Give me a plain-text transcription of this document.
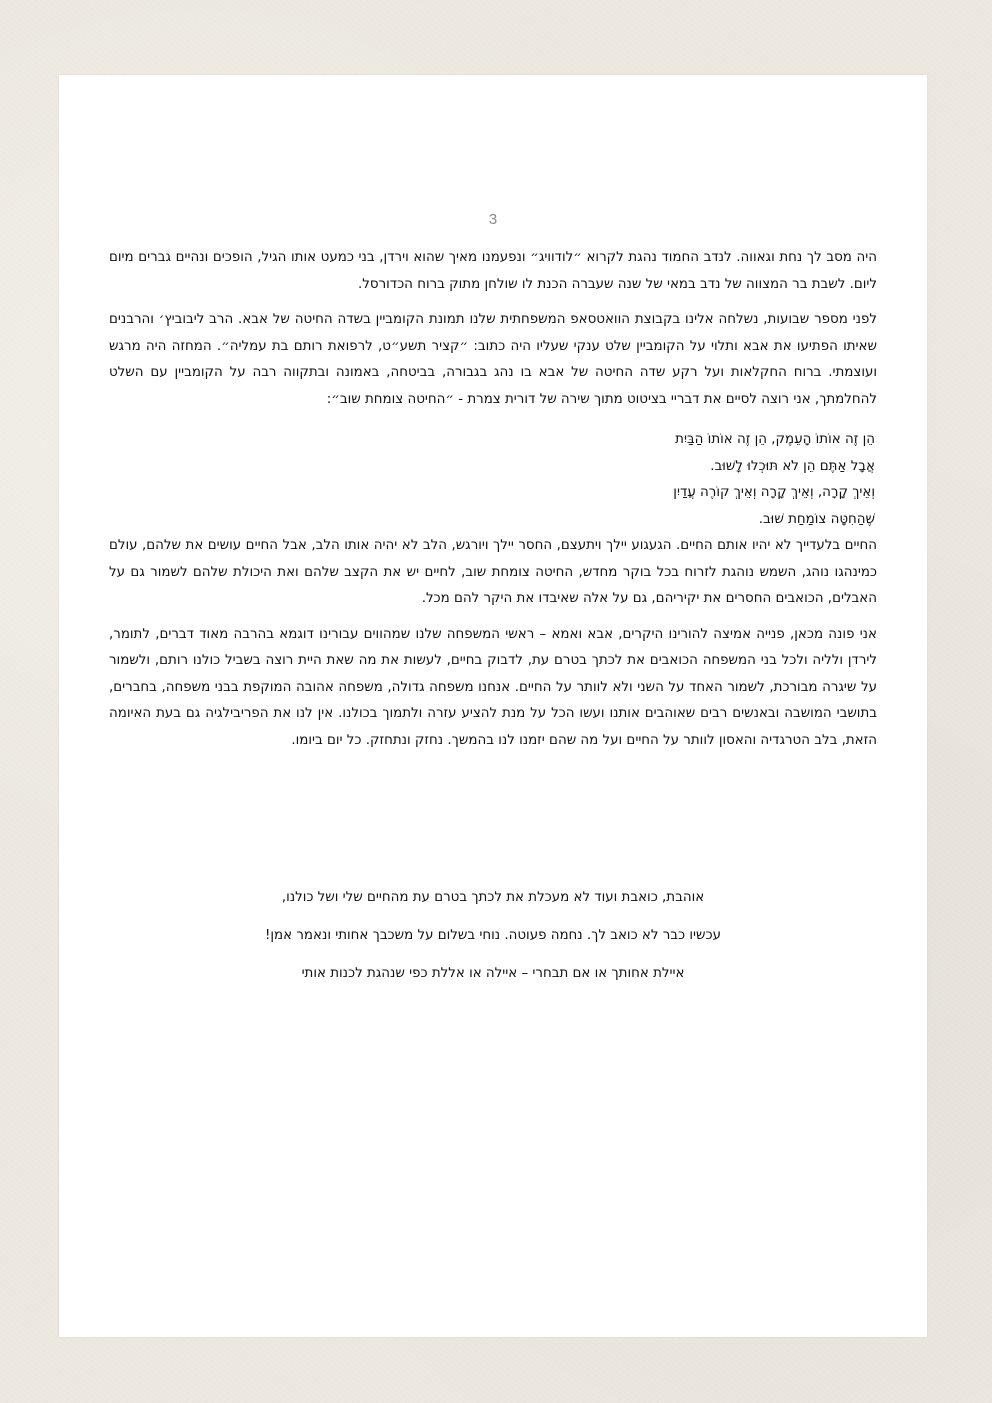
3

היה מסב לך נחת וגאווה. לנדב החמוד נהגת לקרוא ״לודוויג״ ונפעמנו מאיך שהוא וירדן, בני כמעט אותו הגיל, הופכים ונהיים גברים מיום ליום. לשבת בר המצווה של נדב במאי של שנה שעברה הכנת לו שולחן מתוק ברוח הכדורסל.

לפני מספר שבועות, נשלחה אלינו בקבוצת הוואטסאפ המשפחתית שלנו תמונת הקומביין בשדה החיטה של אבא. הרב ליבוביץ׳ והרבנים שאיתו הפתיעו את אבא ותלוי על הקומביין שלט ענקי שעליו היה כתוב: ״קציר תשע״ט, לרפואת רותם בת עמליה״. המחזה היה מרגש ועוצמתי. ברוח החקלאות ועל רקע שדה החיטה של אבא בו נהג בגבורה, בביטחה, באמונה ובתקווה רבה על הקומביין עם השלט להחלמתך, אני רוצה לסיים את דבריי בציטוט מתוך שירה של דורית צמרת - ״החיטה צומחת שוב״:

הֵן זֶה אוֹתוֹ הָעֵמֶק, הֵן זֶה אוֹתוֹ הַבַּיִת
אֲבָל אַתֶּם הֵן לֹא תּוּכְלוּ לָשׁוּב.
וְאֵיךְ קָרָה, וְאֵיךְ קָרָה וְאֵיךְ קוֹרֶה עֲדַיִן
שֶׁהַחִטָּה צוֹמַחַת שׁוּב.

החיים בלעדייך לא יהיו אותם החיים. הגעגוע יילך ויתעצם, החסר יילך ויורגש, הלב לא יהיה אותו הלב, אבל החיים עושים את שלהם, עולם כמינהגו נוהג, השמש נוהגת לזרוח בכל בוקר מחדש, החיטה צומחת שוב, לחיים יש את הקצב שלהם ואת היכולת שלהם לשמור גם על האבלים, הכואבים החסרים את יקיריהם, גם על אלה שאיבדו את היקר להם מכל.

אני פונה מכאן, פנייה אמיצה להורינו היקרים, אבא ואמא – ראשי המשפחה שלנו שמהווים עבורינו דוגמא בהרבה מאוד דברים, לתומר, לירדן ולליה ולכל בני המשפחה הכואבים את לכתך בטרם עת, לדבוק בחיים, לעשות את מה שאת היית רוצה בשביל כולנו רותם, ולשמור על שיגרה מבורכת, לשמור האחד על השני ולא לוותר על החיים. אנחנו משפחה גדולה, משפחה אהובה המוקפת בבני משפחה, בחברים, בתושבי המושבה ובאנשים רבים שאוהבים אותנו ועשו הכל על מנת להציע עזרה ולתמוך בכולנו. אין לנו את הפריבילגיה גם בעת האיומה הזאת, בלב הטרגדיה והאסון לוותר על החיים ועל מה שהם יזמנו לנו בהמשך. נחזק ונתחזק. כל יום ביומו.

אוהבת, כואבת ועוד לא מעכלת את לכתך בטרם עת מהחיים שלי ושל כולנו,
עכשיו כבר לא כואב לך. נחמה פעוטה. נוחי בשלום על משכבך אחותי ונאמר אמן!
איילת אחותך או אם תבחרי – איילה או אללת כפי שנהגת לכנות אותי
